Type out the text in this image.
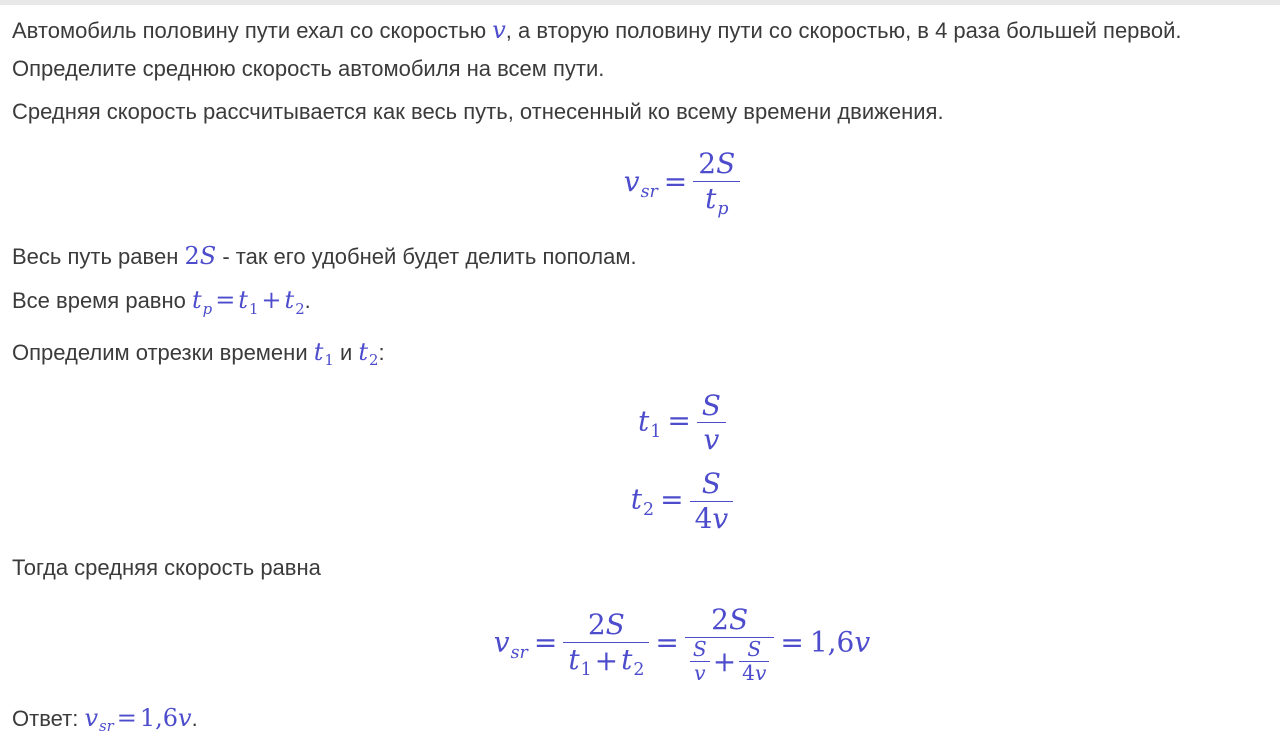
Автомобиль половину пути ехал со скоростью v, а вторую половину пути со скоростью, в 4 раза большей первой. Определите среднюю скорость автомобиля на всем пути.

Средняя скорость рассчитывается как весь путь, отнесенный ко всему времени движения.

$v_{sr} = \frac{2S}{t_p}$

Весь путь равен 2S - так его удобней будет делить пополам.

Все время равно $t_p = t_1 + t_2$.

Определим отрезки времени $t_1$ и $t_2$:

$t_1 = \frac{S}{v}$
$t_2 = \frac{S}{4v}$

Тогда средняя скорость равна

$v_{sr} = \frac{2S}{t_1 + t_2} = \frac{2S}{\frac{S}{v} + \frac{S}{4v}} = 1,6v$

Ответ: $v_{sr} = 1,6v$.
